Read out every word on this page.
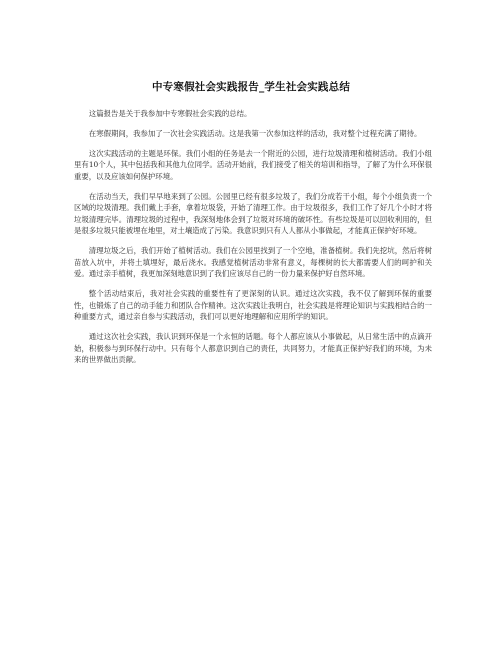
中专寒假社会实践报告_学生社会实践总结

这篇报告是关于我参加中专寒假社会实践的总结。

在寒假期间，我参加了一次社会实践活动。这是我第一次参加这样的活动，我对整个过程充满了期待。

这次实践活动的主题是环保。我们小组的任务是去一个附近的公园，进行垃圾清理和植树活动。我们小组里有10个人，其中包括我和其他九位同学。活动开始前，我们接受了相关的培训和指导，了解了为什么环保很重要，以及应该如何保护环境。

在活动当天，我们早早地来到了公园。公园里已经有很多垃圾了，我们分成若干小组，每个小组负责一个区域的垃圾清理。我们戴上手套，拿着垃圾袋，开始了清理工作。由于垃圾很多，我们工作了好几个小时才将垃圾清理完毕。清理垃圾的过程中，我深刻地体会到了垃圾对环境的破坏性。有些垃圾是可以回收利用的，但是很多垃圾只能被埋在地里，对土壤造成了污染。我意识到只有人人都从小事做起，才能真正保护好环境。

清理垃圾之后，我们开始了植树活动。我们在公园里找到了一个空地，准备植树。我们先挖坑，然后将树苗放入坑中，并将土填埋好，最后浇水。我感觉植树活动非常有意义，每棵树的长大都需要人们的呵护和关爱。通过亲手植树，我更加深刻地意识到了我们应该尽自己的一份力量来保护好自然环境。

整个活动结束后，我对社会实践的重要性有了更深刻的认识。通过这次实践，我不仅了解到环保的重要性，也锻炼了自己的动手能力和团队合作精神。这次实践让我明白，社会实践是将理论知识与实践相结合的一种重要方式，通过亲自参与实践活动，我们可以更好地理解和应用所学的知识。

通过这次社会实践，我认识到环保是一个永恒的话题。每个人都应该从小事做起，从日常生活中的点滴开始，积极参与到环保行动中。只有每个人都意识到自己的责任，共同努力，才能真正保护好我们的环境，为未来的世界做出贡献。
